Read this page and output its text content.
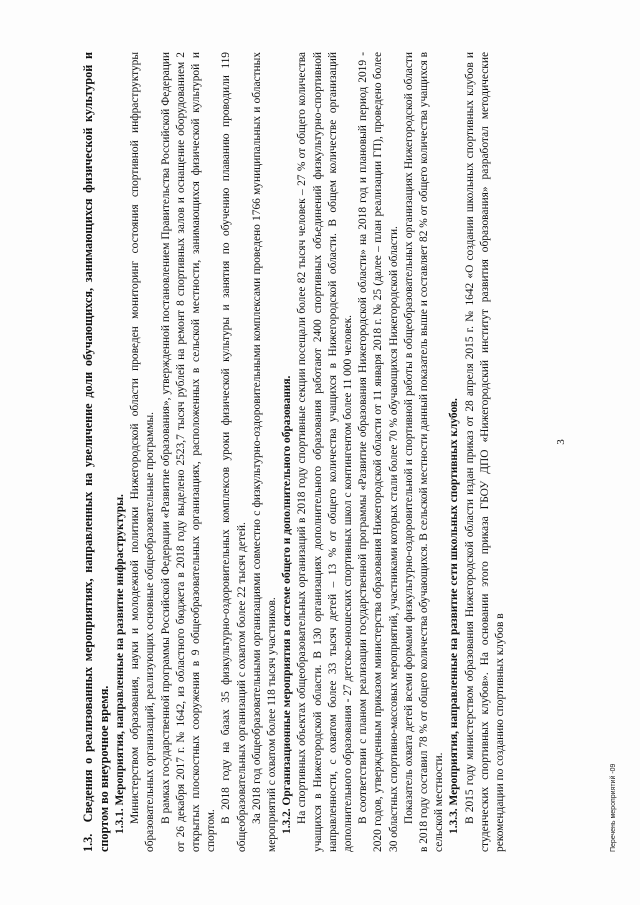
1.3.  Сведения о реализованных мероприятиях, направленных на увеличение доли обучающихся, занимающихся физической культурой и спортом во внеурочное время. 1.3.1. Мероприятия, направленные на развитие инфраструктуры. Министерством образования, науки и молодежной политики Нижегородской области проведен мониторинг состояния спортивной инфраструктуры образовательных организаций, реализующих основные общеобразовательные программы. В рамках государственной программы Российской Федерации «Развитие образования», утвержденной постановлением Правительства Российской Федерации от 26 декабря 2017 г. № 1642, из областного бюджета в 2018 году выделено 2523,7 тысяч рублей на ремонт 8 спортивных залов и оснащение оборудованием 2 открытых плоскостных сооружения в 9 общеобразовательных организациях, расположенных в сельской местности, занимающихся физической культурой и спортом.

В 2018 году на базах 35 физкультурно-оздоровительных комплексов уроки физической культуры и занятия по обучению плаванию проводили 119 общеобразовательных организаций с охватом более 22 тысяч детей. За 2018 год общеобразовательными организациями совместно с физкультурно-оздоровительными комплексами проведено 1766 муниципальных и областных мероприятий с охватом более 118 тысяч участников. 1.3.2. Организационные мероприятия в системе общего и дополнительного образования. На спортивных объектах общеобразовательных организаций в 2018 году спортивные секции посещали более 82 тысяч человек – 27 % от общего количества учащихся в Нижегородской области. В 130 организациях дополнительного образования работают 2400 спортивных объединений физкультурно-спортивной направленности, с охватом более 33 тысяч детей – 13 % от общего количества учащихся в Нижегородской области. В общем количестве организаций дополнительного образования - 27 детско-юношеских спортивных школ с контингентом более 11 000 человек. В соответствии с планом реализации государственной программы «Развитие образования Нижегородской области» на 2018 год и плановый период 2019 - 2020 годов, утвержденным приказом министерства образования Нижегородской области от 11 января 2018 г. № 25 (далее – план реализации ГП), проведено более 30 областных спортивно-массовых мероприятий, участниками которых стали более 70 % обучающихся Нижегородской области. Показатель охвата детей всеми формами физкультурно-оздоровительной и спортивной работы в общеобразовательных организациях Нижегородской области в 2018 году составил 78 % от общего количества обучающихся. В сельской местности данный показатель выше и составляет 82 % от общего количества учащихся в сельской местности. 1.3.3. Мероприятия, направленные на развитие сети школьных спортивных клубов. В 2015 году министерством образования Нижегородской области издан приказ от 28 апреля 2015 г. № 1642 «О создании школьных спортивных клубов и студенческих спортивных клубов». На основании этого приказа ГБОУ ДПО «Нижегородский институт развития образования» разработал методические рекомендации по созданию спортивных клубов в

3
Перечень мероприятий -09
